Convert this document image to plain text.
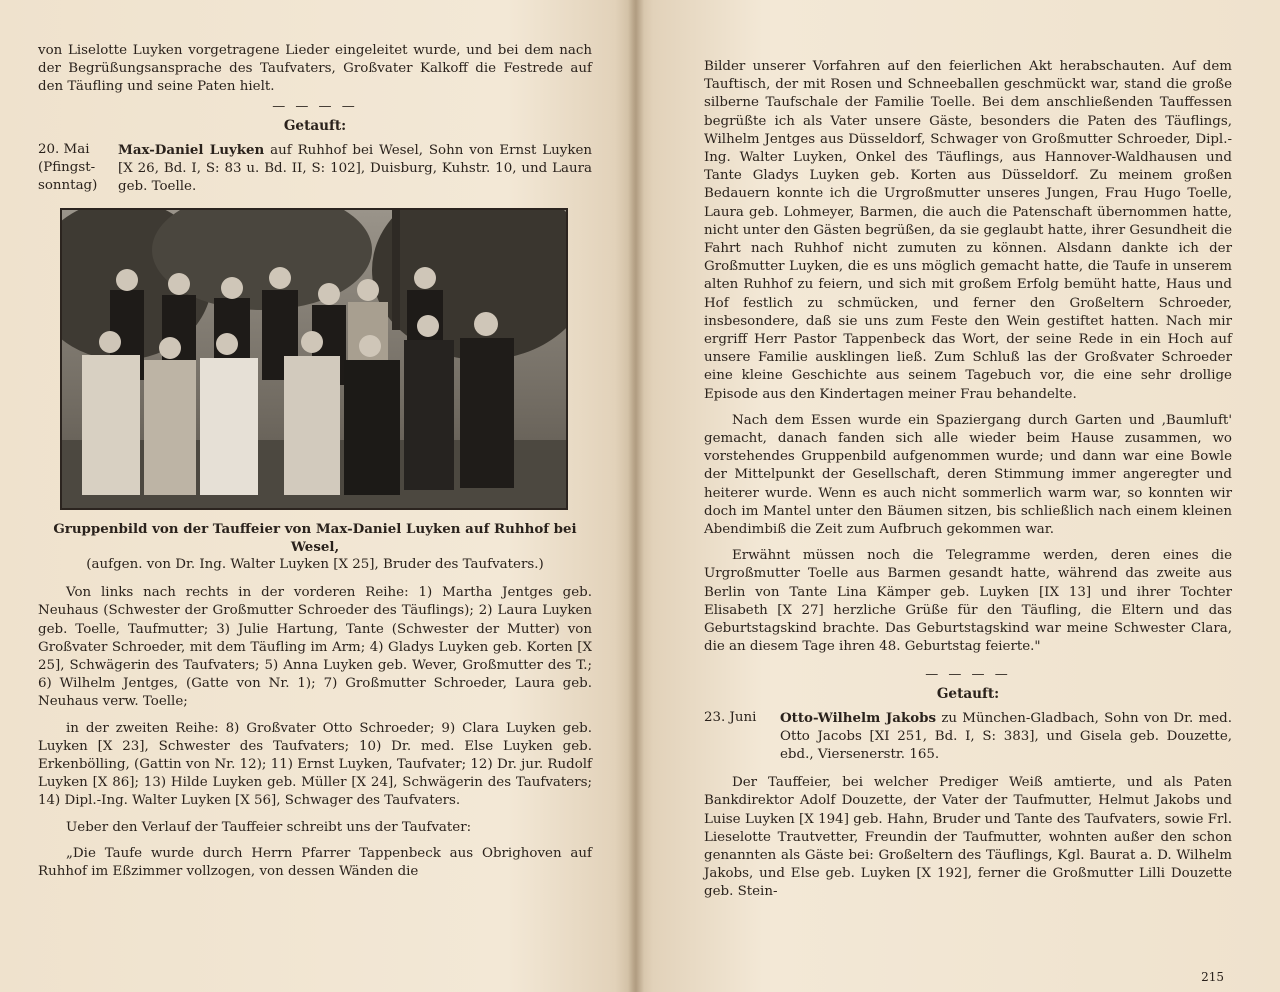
von Liselotte Luyken vorgetragene Lieder eingeleitet wurde, und bei dem nach der Begrüßungsansprache des Taufvaters, Großvater Kalkoff die Festrede auf den Täufling und seine Paten hielt.

— — — —
Getauft:
20. Mai (Pfingst-sonntag)

Max-Daniel Luyken auf Ruhhof bei Wesel, Sohn von Ernst Luyken [X 26, Bd. I, S: 83 u. Bd. II, S: 102], Duisburg, Kuhstr. 10, und Laura geb. Toelle.

Gruppenbild von der Tauffeier von Max-Daniel Luyken auf Ruhhof bei Wesel,
(aufgen. von Dr. Ing. Walter Luyken [X 25], Bruder des Taufvaters.)

Von links nach rechts in der vorderen Reihe: 1) Martha Jentges geb. Neuhaus (Schwester der Großmutter Schroeder des Täuflings); 2) Laura Luyken geb. Toelle, Taufmutter; 3) Julie Hartung, Tante (Schwester der Mutter) von Großvater Schroeder, mit dem Täufling im Arm; 4) Gladys Luyken geb. Korten [X 25], Schwägerin des Taufvaters; 5) Anna Luyken geb. Wever, Großmutter des T.; 6) Wilhelm Jentges, (Gatte von Nr. 1); 7) Großmutter Schroeder, Laura geb. Neuhaus verw. Toelle;

in der zweiten Reihe: 8) Großvater Otto Schroeder; 9) Clara Luyken geb. Luyken [X 23], Schwester des Taufvaters; 10) Dr. med. Else Luyken geb. Erkenbölling, (Gattin von Nr. 12); 11) Ernst Luyken, Taufvater; 12) Dr. jur. Rudolf Luyken [X 86]; 13) Hilde Luyken geb. Müller [X 24], Schwägerin des Taufvaters; 14) Dipl.-Ing. Walter Luyken [X 56], Schwager des Taufvaters.

Ueber den Verlauf der Tauffeier schreibt uns der Taufvater:

„Die Taufe wurde durch Herrn Pfarrer Tappenbeck aus Obrighoven auf Ruhhof im Eßzimmer vollzogen, von dessen Wänden die

Bilder unserer Vorfahren auf den feierlichen Akt herabschauten. Auf dem Tauftisch, der mit Rosen und Schneeballen geschmückt war, stand die große silberne Taufschale der Familie Toelle. Bei dem anschließenden Tauffessen begrüßte ich als Vater unsere Gäste, besonders die Paten des Täuflings, Wilhelm Jentges aus Düsseldorf, Schwager von Großmutter Schroeder, Dipl.-Ing. Walter Luyken, Onkel des Täuflings, aus Hannover-Waldhausen und Tante Gladys Luyken geb. Korten aus Düsseldorf. Zu meinem großen Bedauern konnte ich die Urgroßmutter unseres Jungen, Frau Hugo Toelle, Laura geb. Lohmeyer, Barmen, die auch die Patenschaft übernommen hatte, nicht unter den Gästen begrüßen, da sie geglaubt hatte, ihrer Gesundheit die Fahrt nach Ruhhof nicht zumuten zu können. Alsdann dankte ich der Großmutter Luyken, die es uns möglich gemacht hatte, die Taufe in unserem alten Ruhhof zu feiern, und sich mit großem Erfolg bemüht hatte, Haus und Hof festlich zu schmücken, und ferner den Großeltern Schroeder, insbesondere, daß sie uns zum Feste den Wein gestiftet hatten. Nach mir ergriff Herr Pastor Tappenbeck das Wort, der seine Rede in ein Hoch auf unsere Familie ausklingen ließ. Zum Schluß las der Großvater Schroeder eine kleine Geschichte aus seinem Tagebuch vor, die eine sehr drollige Episode aus den Kindertagen meiner Frau behandelte.

Nach dem Essen wurde ein Spaziergang durch Garten und ‚Baumluft' gemacht, danach fanden sich alle wieder beim Hause zusammen, wo vorstehendes Gruppenbild aufgenommen wurde; und dann war eine Bowle der Mittelpunkt der Gesellschaft, deren Stimmung immer angeregter und heiterer wurde. Wenn es auch nicht sommerlich warm war, so konnten wir doch im Mantel unter den Bäumen sitzen, bis schließlich nach einem kleinen Abendimbiß die Zeit zum Aufbruch gekommen war.

Erwähnt müssen noch die Telegramme werden, deren eines die Urgroßmutter Toelle aus Barmen gesandt hatte, während das zweite aus Berlin von Tante Lina Kämper geb. Luyken [IX 13] und ihrer Tochter Elisabeth [X 27] herzliche Grüße für den Täufling, die Eltern und das Geburtstagskind brachte. Das Geburtstagskind war meine Schwester Clara, die an diesem Tage ihren 48. Geburtstag feierte."

— — — —
Getauft:
23. Juni	Otto-Wilhelm Jakobs zu München-Gladbach, Sohn von Dr. med. Otto Jacobs [XI 251, Bd. I, S: 383], und Gisela geb. Douzette, ebd., Viersenerstr. 165.

Der Tauffeier, bei welcher Prediger Weiß amtierte, und als Paten Bankdirektor Adolf Douzette, der Vater der Taufmutter, Helmut Jakobs und Luise Luyken [X 194] geb. Hahn, Bruder und Tante des Taufvaters, sowie Frl. Lieselotte Trautvetter, Freundin der Taufmutter, wohnten außer den schon genannten als Gäste bei: Großeltern des Täuflings, Kgl. Baurat a. D. Wilhelm Jakobs, und Else geb. Luyken [X 192], ferner die Großmutter Lilli Douzette geb. Stein-

215
